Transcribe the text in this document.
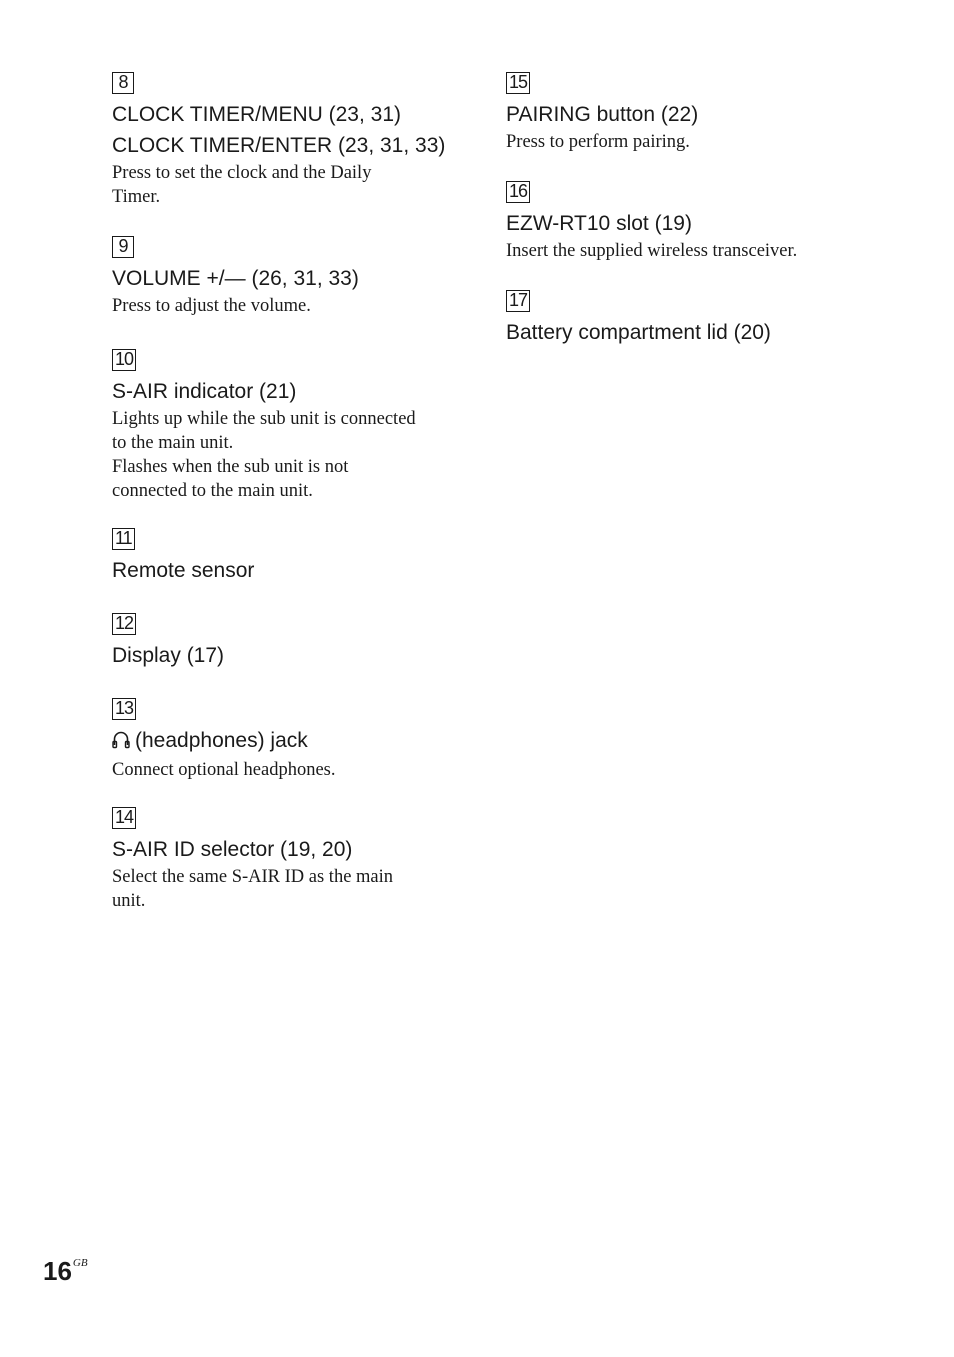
8
CLOCK TIMER/MENU (23, 31)
CLOCK TIMER/ENTER (23, 31, 33)
Press to set the clock and the Daily
Timer.
9
VOLUME +/— (26, 31, 33)
Press to adjust the volume.
10
S-AIR indicator (21)
Lights up while the sub unit is connected
to the main unit.
Flashes when the sub unit is not
connected to the main unit.
11
Remote sensor
12
Display (17)
13
(headphones) jack
Connect optional headphones.
14
S-AIR ID selector (19, 20)
Select the same S-AIR ID as the main
unit.
15
PAIRING button (22)
Press to perform pairing.
16
EZW-RT10 slot (19)
Insert the supplied wireless transceiver.
17
Battery compartment lid (20)
$16^{GB}$
